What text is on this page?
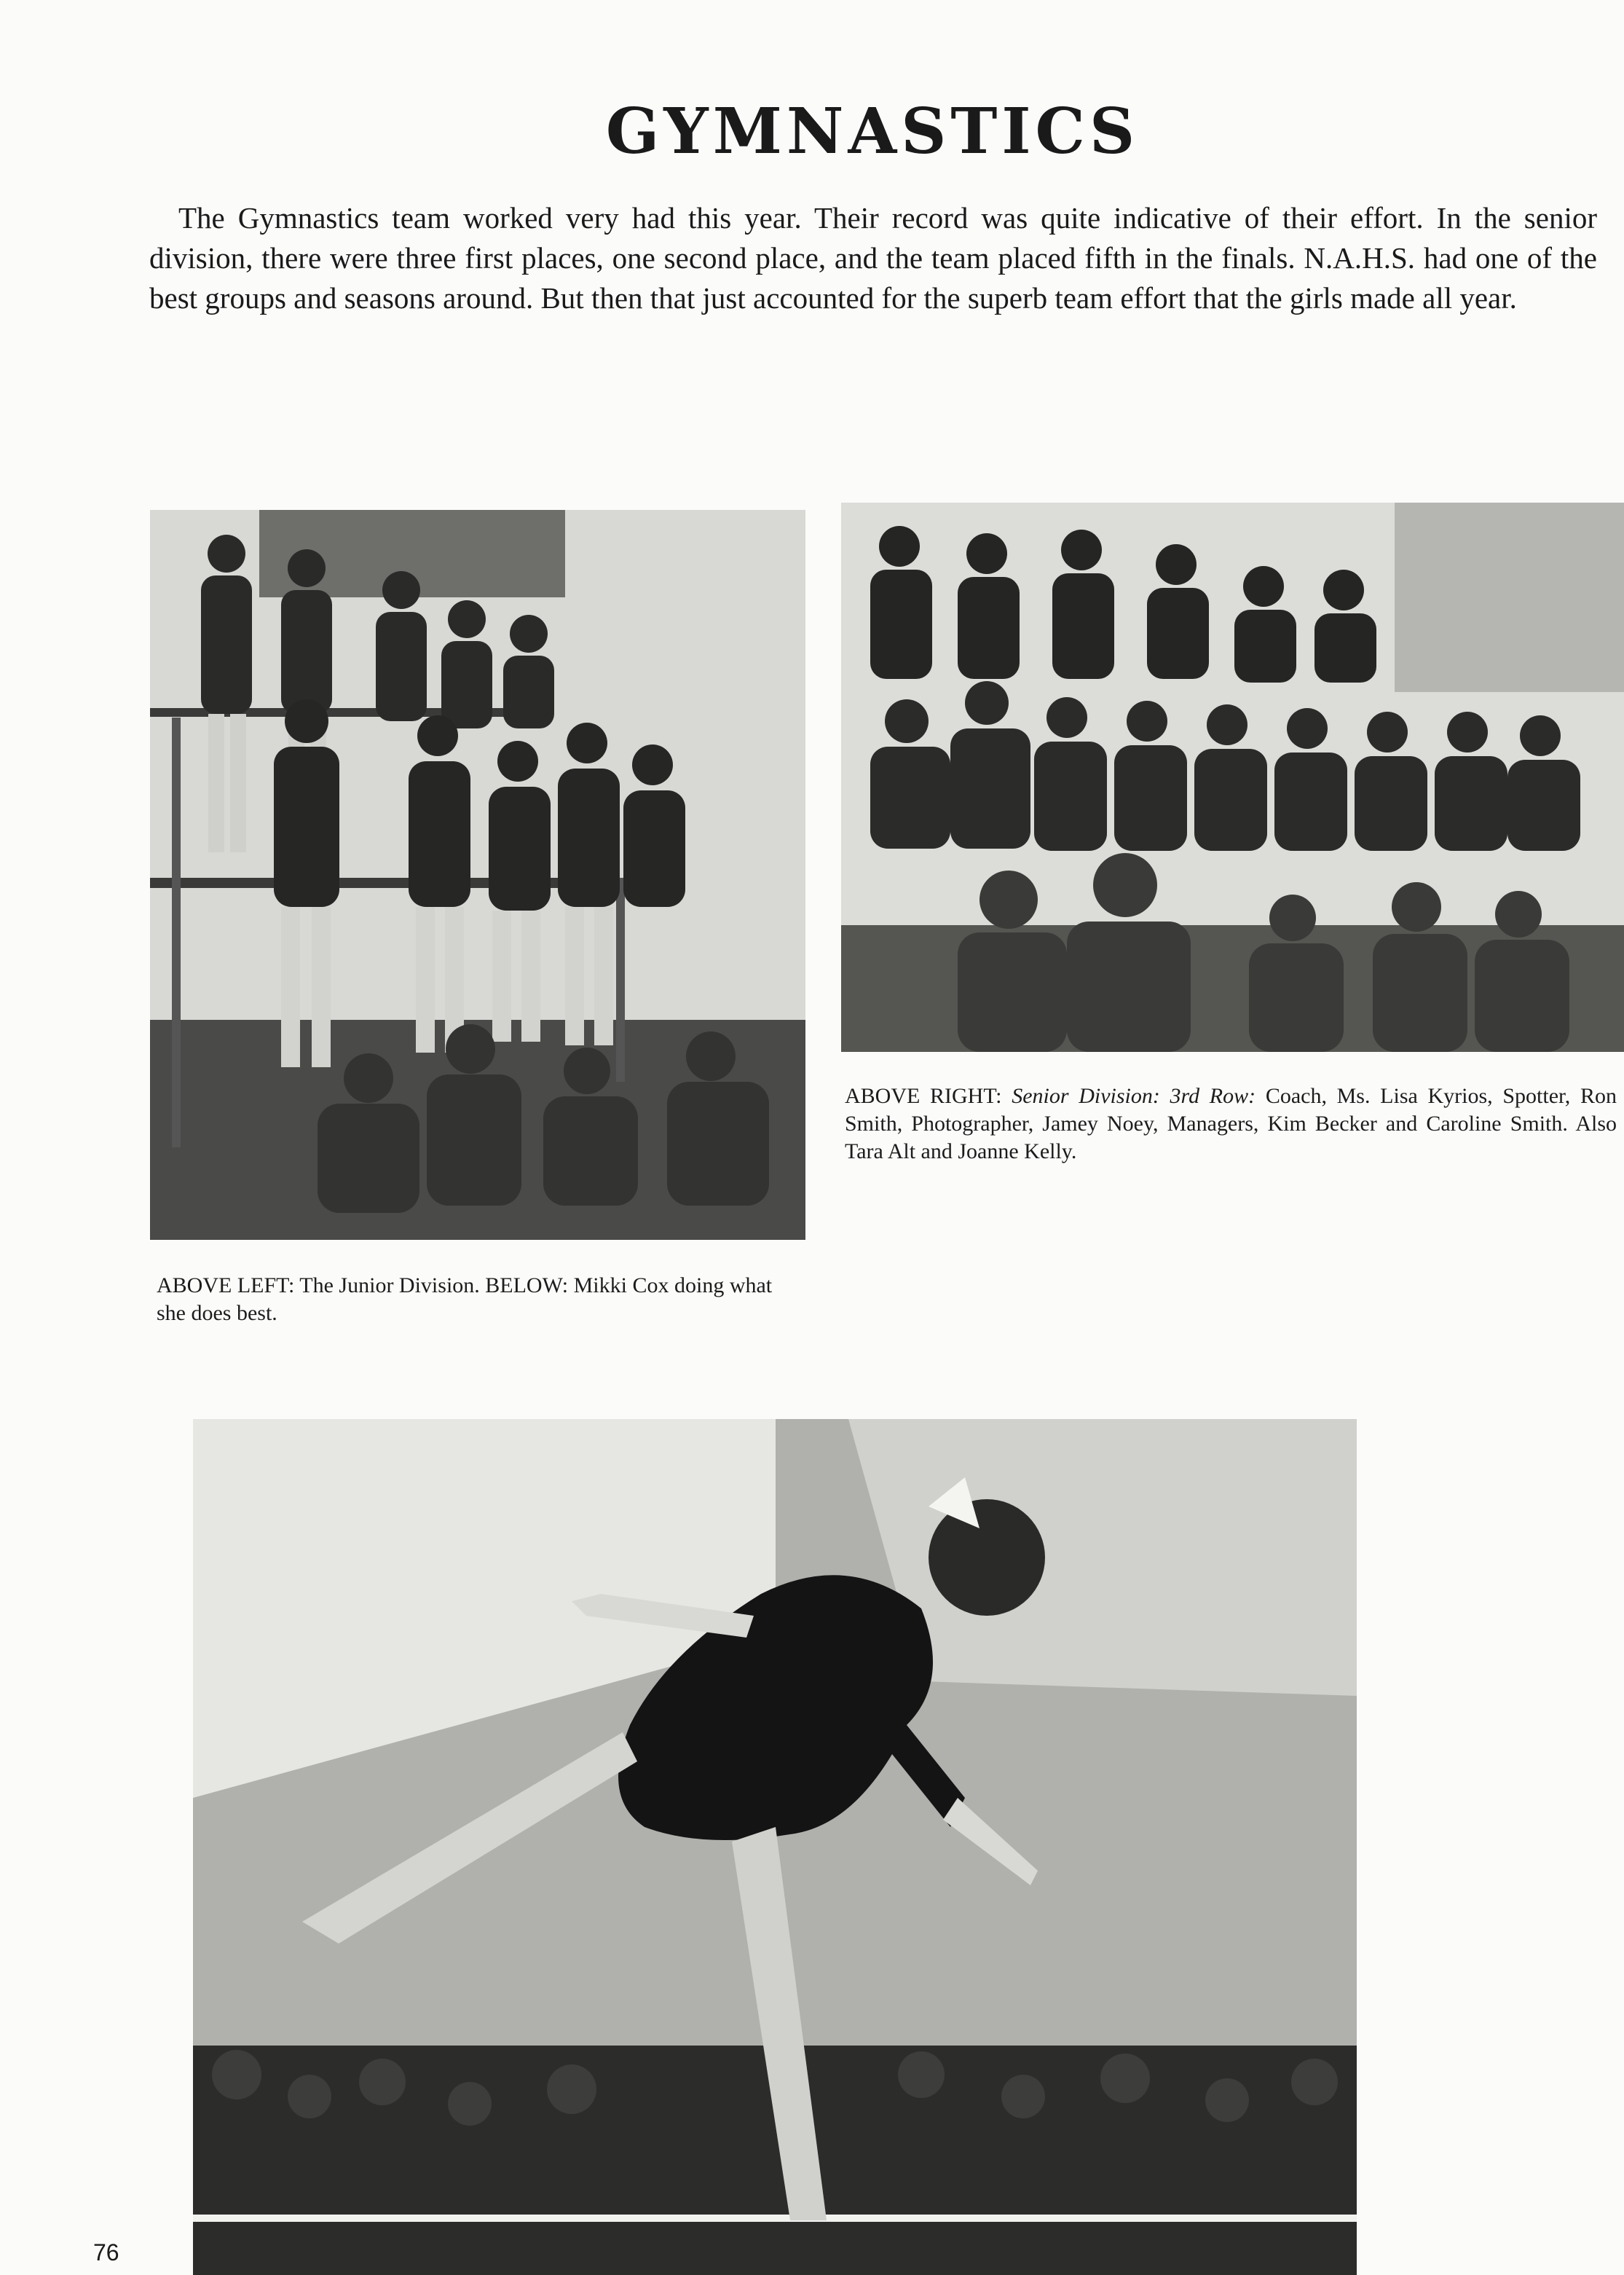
GYMNASTICS

The Gymnastics team worked very had this year. Their record was quite indicative of their effort. In the senior division, there were three first places, one second place, and the team placed fifth in the finals. N.A.H.S. had one of the best groups and seasons around. But then that just accounted for the superb team effort that the girls made all year.

ABOVE LEFT: The Junior Division. BELOW: Mikki Cox doing what she does best.

ABOVE RIGHT: Senior Division: 3rd Row: Coach, Ms. Lisa Kyrios, Spotter, Ron Smith, Photographer, Jamey Noey, Managers, Kim Becker and Caroline Smith. Also Tara Alt and Joanne Kelly.

76
